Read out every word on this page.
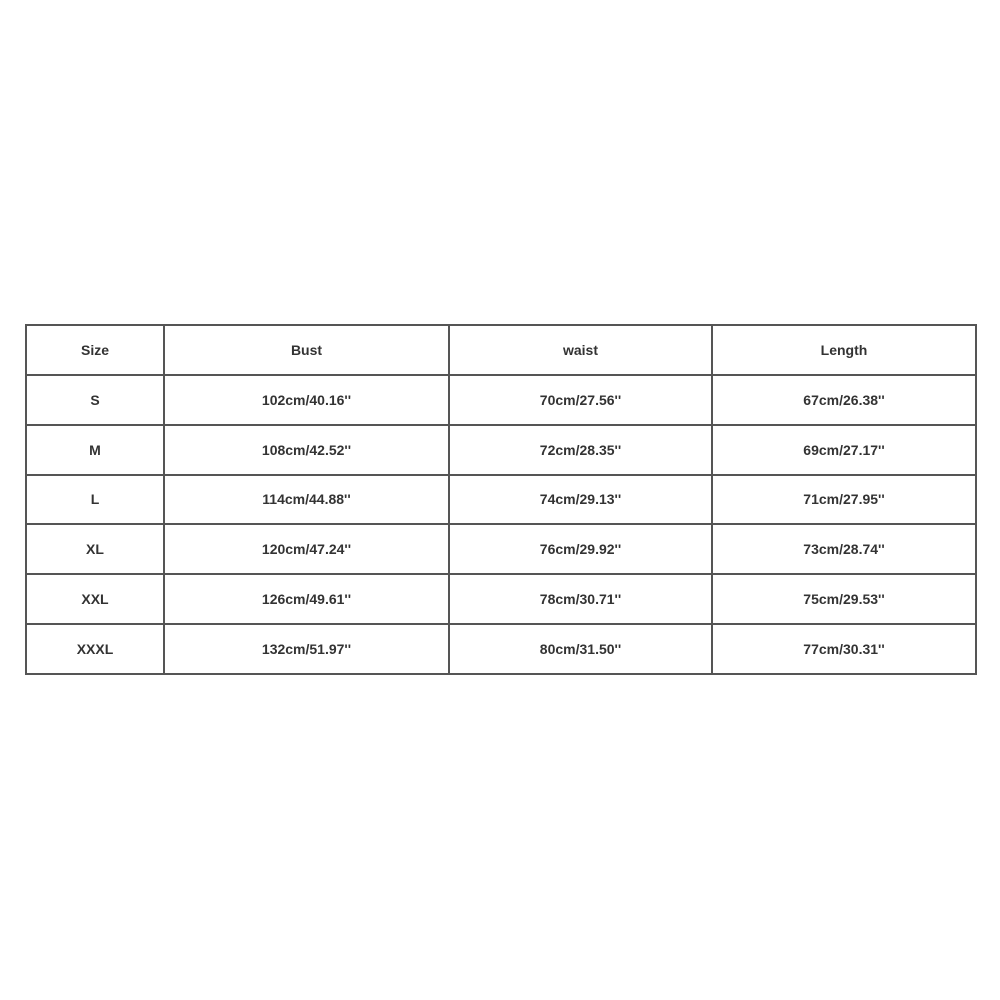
Size	Bust	waist	Length
S	102cm/40.16''	70cm/27.56''	67cm/26.38''
M	108cm/42.52''	72cm/28.35''	69cm/27.17''
L	114cm/44.88''	74cm/29.13''	71cm/27.95''
XL	120cm/47.24''	76cm/29.92''	73cm/28.74''
XXL	126cm/49.61''	78cm/30.71''	75cm/29.53''
XXXL	132cm/51.97''	80cm/31.50''	77cm/30.31''
